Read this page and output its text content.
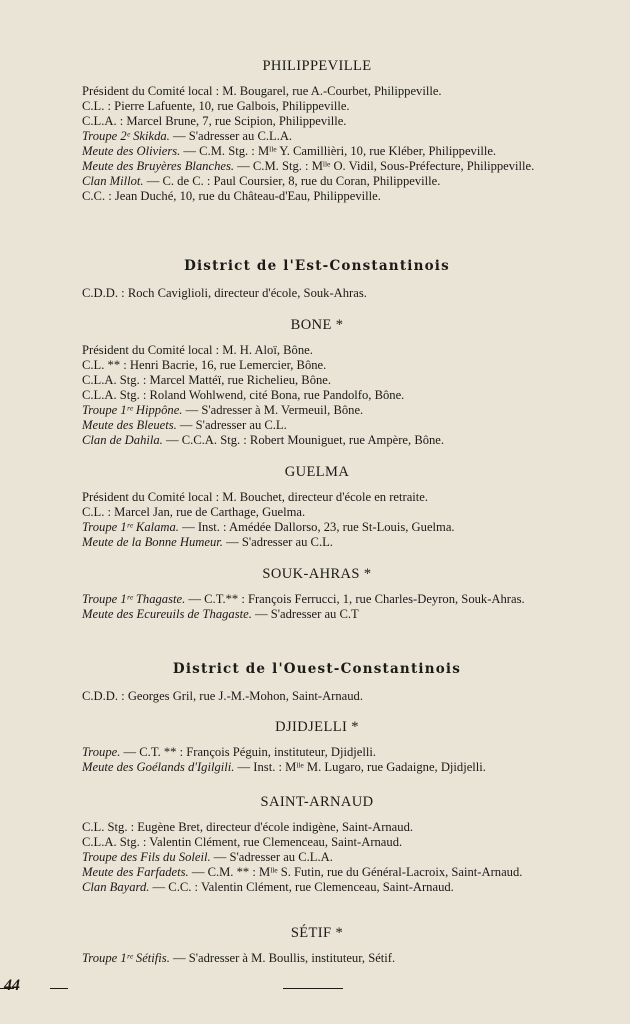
PHILIPPEVILLE

Président du Comité local : M. Bougarel, rue A.-Courbet, Philippeville.

C.L. : Pierre Lafuente, 10, rue Galbois, Philippeville.

C.L.A. : Marcel Brune, 7, rue Scipion, Philippeville.

Troupe 2ᵉ Skikda. — S'adresser au C.L.A.

Meute des Oliviers. — C.M. Stg. : Mˡˡᵉ Y. Camillièri, 10, rue Kléber, Philippeville.

Meute des Bruyères Blanches. — C.M. Stg. : Mˡˡᵉ O. Vidil, Sous-Préfecture, Philippeville.

Clan Millot. — C. de C. : Paul Coursier, 8, rue du Coran, Philippeville.

C.C. : Jean Duché, 10, rue du Château-d'Eau, Philippeville.

District de l'Est-Constantinois

C.D.D. : Roch Caviglioli, directeur d'école, Souk-Ahras.

BONE *

Président du Comité local : M. H. Aloï, Bône.

C.L. ** : Henri Bacrie, 16, rue Lemercier, Bône.

C.L.A. Stg. : Marcel Mattéï, rue Richelieu, Bône.

C.L.A. Stg. : Roland Wohlwend, cité Bona, rue Pandolfo, Bône.

Troupe 1ʳᵉ Hippône. — S'adresser à M. Vermeuil, Bône.

Meute des Bleuets. — S'adresser au C.L.

Clan de Dahila. — C.C.A. Stg. : Robert Mouniguet, rue Ampère, Bône.

GUELMA

Président du Comité local : M. Bouchet, directeur d'école en retraite.

C.L. : Marcel Jan, rue de Carthage, Guelma.

Troupe 1ʳᵉ Kalama. — Inst. : Amédée Dallorso, 23, rue St-Louis, Guelma.

Meute de la Bonne Humeur. — S'adresser au C.L.

SOUK-AHRAS *

Troupe 1ʳᵉ Thagaste. — C.T.** : François Ferrucci, 1, rue Charles-Deyron, Souk-Ahras.

Meute des Ecureuils de Thagaste. — S'adresser au C.T

District de l'Ouest-Constantinois

C.D.D. : Georges Gril, rue J.-M.-Mohon, Saint-Arnaud.

DJIDJELLI *

Troupe. — C.T. ** : François Péguin, instituteur, Djidjelli.

Meute des Goélands d'Igilgili. — Inst. : Mˡˡᵉ M. Lugaro, rue Gadaigne, Djidjelli.

SAINT-ARNAUD

C.L. Stg. : Eugène Bret, directeur d'école indigène, Saint-Arnaud.

C.L.A. Stg. : Valentin Clément, rue Clemenceau, Saint-Arnaud.

Troupe des Fils du Soleil. — S'adresser au C.L.A.

Meute des Farfadets. — C.M. ** : Mˡˡᵉ S. Futin, rue du Général-Lacroix, Saint-Arnaud.

Clan Bayard. — C.C. : Valentin Clément, rue Clemenceau, Saint-Arnaud.

SÉTIF *

Troupe 1ʳᵉ Sétifis. — S'adresser à M. Boullis, instituteur, Sétif.

44
